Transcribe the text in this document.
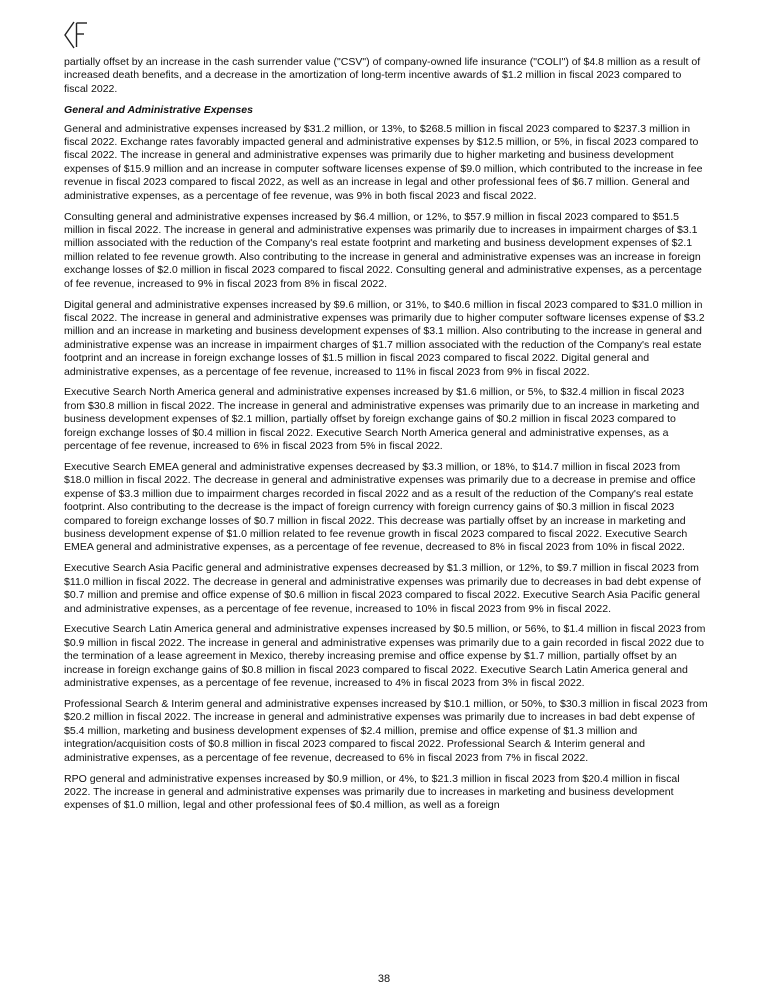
partially offset by an increase in the cash surrender value ("CSV") of company-owned life insurance ("COLI") of $4.8 million as a result of increased death benefits, and a decrease in the amortization of long-term incentive awards of $1.2 million in fiscal 2023 compared to fiscal 2022.

General and Administrative Expenses

General and administrative expenses increased by $31.2 million, or 13%, to $268.5 million in fiscal 2023 compared to $237.3 million in fiscal 2022. Exchange rates favorably impacted general and administrative expenses by $12.5 million, or 5%, in fiscal 2023 compared to fiscal 2022. The increase in general and administrative expenses was primarily due to higher marketing and business development expenses of $15.9 million and an increase in computer software licenses expense of $9.0 million, which contributed to the increase in fee revenue in fiscal 2023 compared to fiscal 2022, as well as an increase in legal and other professional fees of $6.7 million. General and administrative expenses, as a percentage of fee revenue, was 9% in both fiscal 2023 and fiscal 2022.

Consulting general and administrative expenses increased by $6.4 million, or 12%, to $57.9 million in fiscal 2023 compared to $51.5 million in fiscal 2022. The increase in general and administrative expenses was primarily due to increases in impairment charges of $3.1 million associated with the reduction of the Company's real estate footprint and marketing and business development expenses of $2.1 million related to fee revenue growth. Also contributing to the increase in general and administrative expenses was an increase in foreign exchange losses of $2.0 million in fiscal 2023 compared to fiscal 2022. Consulting general and administrative expenses, as a percentage of fee revenue, increased to 9% in fiscal 2023 from 8% in fiscal 2022.

Digital general and administrative expenses increased by $9.6 million, or 31%, to $40.6 million in fiscal 2023 compared to $31.0 million in fiscal 2022. The increase in general and administrative expenses was primarily due to higher computer software licenses expense of $3.2 million and an increase in marketing and business development expenses of $3.1 million. Also contributing to the increase in general and administrative expense was an increase in impairment charges of $1.7 million associated with the reduction of the Company's real estate footprint and an increase in foreign exchange losses of $1.5 million in fiscal 2023 compared to fiscal 2022. Digital general and administrative expenses, as a percentage of fee revenue, increased to 11% in fiscal 2023 from 9% in fiscal 2022.

Executive Search North America general and administrative expenses increased by $1.6 million, or 5%, to $32.4 million in fiscal 2023 from $30.8 million in fiscal 2022. The increase in general and administrative expenses was primarily due to an increase in marketing and business development expenses of $2.1 million, partially offset by foreign exchange gains of $0.2 million in fiscal 2023 compared to foreign exchange losses of $0.4 million in fiscal 2022. Executive Search North America general and administrative expenses, as a percentage of fee revenue, increased to 6% in fiscal 2023 from 5% in fiscal 2022.

Executive Search EMEA general and administrative expenses decreased by $3.3 million, or 18%, to $14.7 million in fiscal 2023 from $18.0 million in fiscal 2022. The decrease in general and administrative expenses was primarily due to a decrease in premise and office expense of $3.3 million due to impairment charges recorded in fiscal 2022 and as a result of the reduction of the Company's real estate footprint. Also contributing to the decrease is the impact of foreign currency with foreign currency gains of $0.3 million in fiscal 2023 compared to foreign exchange losses of $0.7 million in fiscal 2022. This decrease was partially offset by an increase in marketing and business development expense of $1.0 million related to fee revenue growth in fiscal 2023 compared to fiscal 2022. Executive Search EMEA general and administrative expenses, as a percentage of fee revenue, decreased to 8% in fiscal 2023 from 10% in fiscal 2022.

Executive Search Asia Pacific general and administrative expenses decreased by $1.3 million, or 12%, to $9.7 million in fiscal 2023 from $11.0 million in fiscal 2022. The decrease in general and administrative expenses was primarily due to decreases in bad debt expense of $0.7 million and premise and office expense of $0.6 million in fiscal 2023 compared to fiscal 2022. Executive Search Asia Pacific general and administrative expenses, as a percentage of fee revenue, increased to 10% in fiscal 2023 from 9% in fiscal 2022.

Executive Search Latin America general and administrative expenses increased by $0.5 million, or 56%, to $1.4 million in fiscal 2023 from $0.9 million in fiscal 2022. The increase in general and administrative expenses was primarily due to a gain recorded in fiscal 2022 due to the termination of a lease agreement in Mexico, thereby increasing premise and office expense by $1.7 million, partially offset by an increase in foreign exchange gains of $0.8 million in fiscal 2023 compared to fiscal 2022. Executive Search Latin America general and administrative expenses, as a percentage of fee revenue, increased to 4% in fiscal 2023 from 3% in fiscal 2022.

Professional Search & Interim general and administrative expenses increased by $10.1 million, or 50%, to $30.3 million in fiscal 2023 from $20.2 million in fiscal 2022. The increase in general and administrative expenses was primarily due to increases in bad debt expense of $5.4 million, marketing and business development expenses of $2.4 million, premise and office expense of $1.3 million and integration/acquisition costs of $0.8 million in fiscal 2023 compared to fiscal 2022. Professional Search & Interim general and administrative expenses, as a percentage of fee revenue, decreased to 6% in fiscal 2023 from 7% in fiscal 2022.

RPO general and administrative expenses increased by $0.9 million, or 4%, to $21.3 million in fiscal 2023 from $20.4 million in fiscal 2022. The increase in general and administrative expenses was primarily due to increases in marketing and business development expenses of $1.0 million, legal and other professional fees of $0.4 million, as well as a foreign

38
